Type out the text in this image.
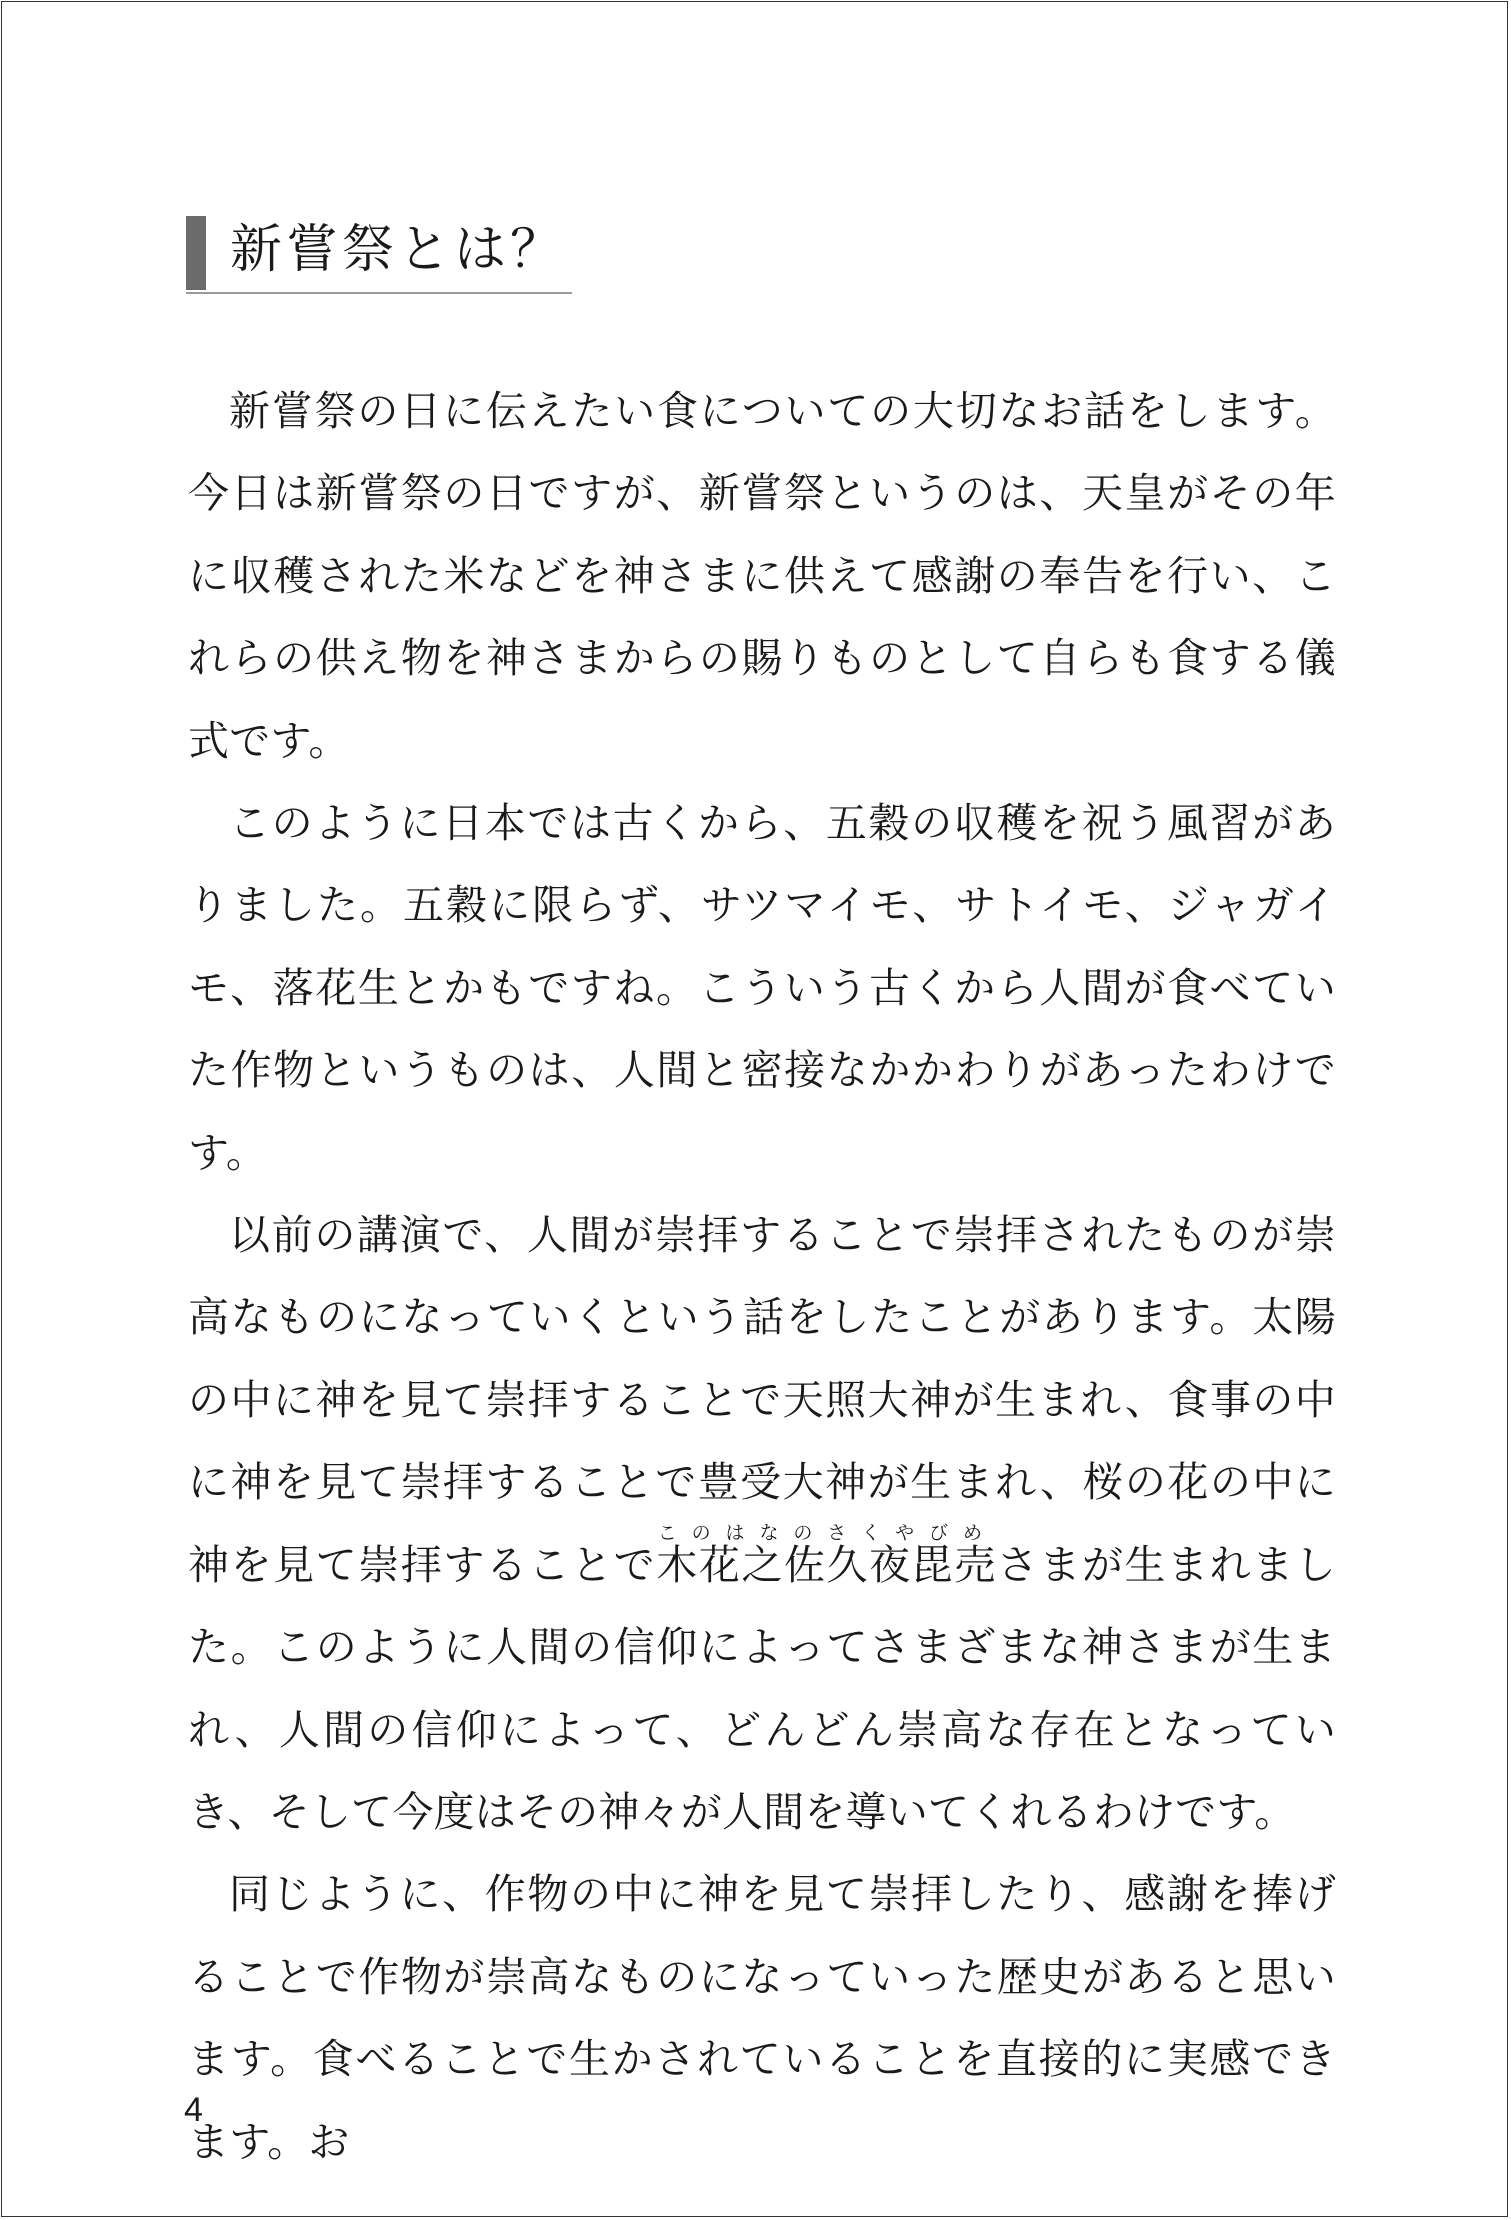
新嘗祭とは？

新嘗祭の日に伝えたい食についての大切なお話をします。今日は新嘗祭の日ですが、新嘗祭というのは、天皇がその年に収穫された米などを神さまに供えて感謝の奉告を行い、これらの供え物を神さまからの賜りものとして自らも食する儀式です。

このように日本では古くから、五穀の収穫を祝う風習がありました。五穀に限らず、サツマイモ、サトイモ、ジャガイモ、落花生とかもですね。こういう古くから人間が食べていた作物というものは、人間と密接なかかわりがあったわけです。

以前の講演で、人間が崇拝することで崇拝されたものが崇高なものになっていくという話をしたことがあります。太陽の中に神を見て崇拝することで天照大神が生まれ、食事の中に神を見て崇拝することで豊受大神が生まれ、桜の花の中に神を見て崇拝することで木花之佐久夜毘売このはなのさくやびめさまが生まれました。このように人間の信仰によってさまざまな神さまが生まれ、人間の信仰によって、どんどん崇高な存在となっていき、そして今度はその神々が人間を導いてくれるわけです。

同じように、作物の中に神を見て崇拝したり、感謝を捧げることで作物が崇高なものになっていった歴史があると思います。食べることで生かされていることを直接的に実感できます。お

4
